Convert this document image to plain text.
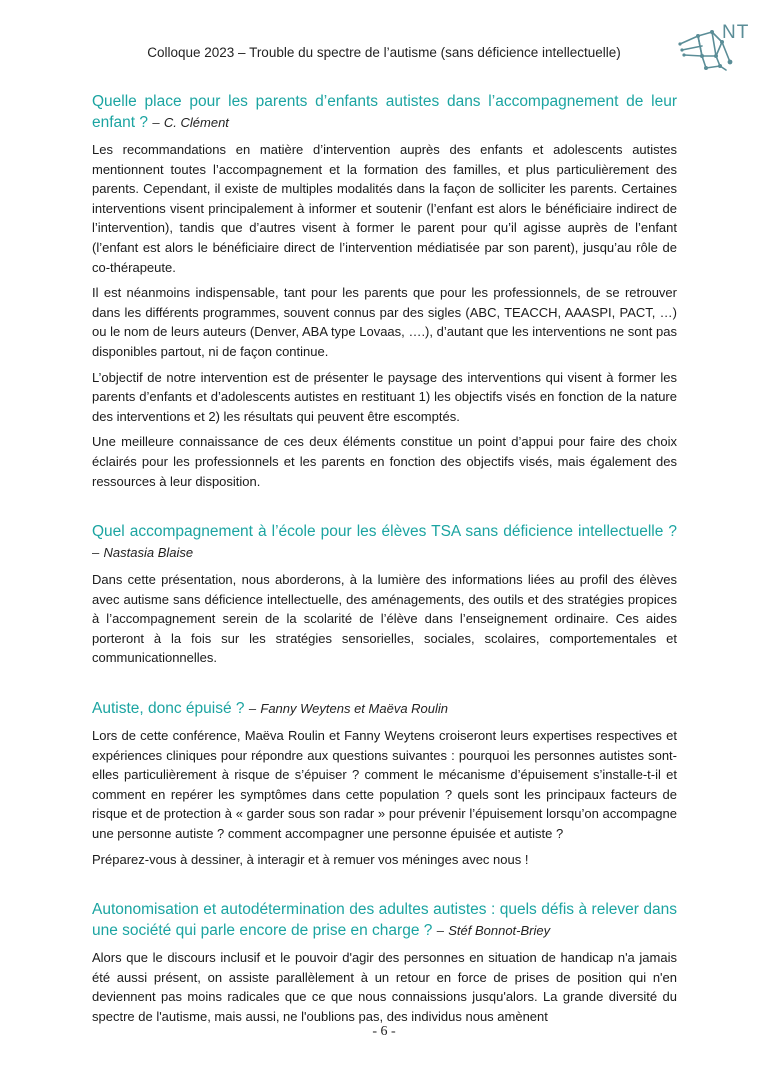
Colloque 2023 – Trouble du spectre de l’autisme (sans déficience intellectuelle)
NT
Quelle place pour les parents d’enfants autistes dans l’accompagnement de leur enfant ? – C. Clément

Les recommandations en matière d’intervention auprès des enfants et adolescents autistes mentionnent toutes l’accompagnement et la formation des familles, et plus particulièrement des parents. Cependant, il existe de multiples modalités dans la façon de solliciter les parents. Certaines interventions visent principalement à informer et soutenir (l’enfant est alors le bénéficiaire indirect de l’intervention), tandis que d’autres visent à former le parent pour qu’il agisse auprès de l’enfant (l’enfant est alors le bénéficiaire direct de l’intervention médiatisée par son parent), jusqu’au rôle de co-thérapeute.

Il est néanmoins indispensable, tant pour les parents que pour les professionnels, de se retrouver dans les différents programmes, souvent connus par des sigles (ABC, TEACCH, AAASPI, PACT, …) ou le nom de leurs auteurs (Denver, ABA type Lovaas, ….), d’autant que les interventions ne sont pas disponibles partout, ni de façon continue.

L’objectif de notre intervention est de présenter le paysage des interventions qui visent à former les parents d’enfants et d’adolescents autistes en restituant 1) les objectifs visés en fonction de la nature des interventions et 2) les résultats qui peuvent être escomptés.

Une meilleure connaissance de ces deux éléments constitue un point d’appui pour faire des choix éclairés pour les professionnels et les parents en fonction des objectifs visés, mais également des ressources à leur disposition.

Quel accompagnement à l’école pour les élèves TSA sans déficience intellectuelle ? – Nastasia Blaise

Dans cette présentation, nous aborderons, à la lumière des informations liées au profil des élèves avec autisme sans déficience intellectuelle, des aménagements, des outils et des stratégies propices à l’accompagnement serein de la scolarité de l’élève dans l’enseignement ordinaire. Ces aides porteront à la fois sur les stratégies sensorielles, sociales, scolaires, comportementales et communicationnelles.

Autiste, donc épuisé ? – Fanny Weytens et Maëva Roulin

Lors de cette conférence, Maëva Roulin et Fanny Weytens croiseront leurs expertises respectives et expériences cliniques pour répondre aux questions suivantes : pourquoi les personnes autistes sont-elles particulièrement à risque de s’épuiser ? comment le mécanisme d’épuisement s’installe-t-il et comment en repérer les symptômes dans cette population ? quels sont les principaux facteurs de risque et de protection à « garder sous son radar » pour prévenir l’épuisement lorsqu’on accompagne une personne autiste ? comment accompagner une personne épuisée et autiste ?

Préparez-vous à dessiner, à interagir et à remuer vos méninges avec nous !

Autonomisation et autodétermination des adultes autistes : quels défis à relever dans une société qui parle encore de prise en charge ? – Stéf Bonnot-Briey

Alors que le discours inclusif et le pouvoir d'agir des personnes en situation de handicap n'a jamais été aussi présent, on assiste parallèlement à un retour en force de prises de position qui n'en deviennent pas moins radicales que ce que nous connaissions jusqu'alors. La grande diversité du spectre de l'autisme, mais aussi, ne l'oublions pas, des individus nous amènent

- 6 -
